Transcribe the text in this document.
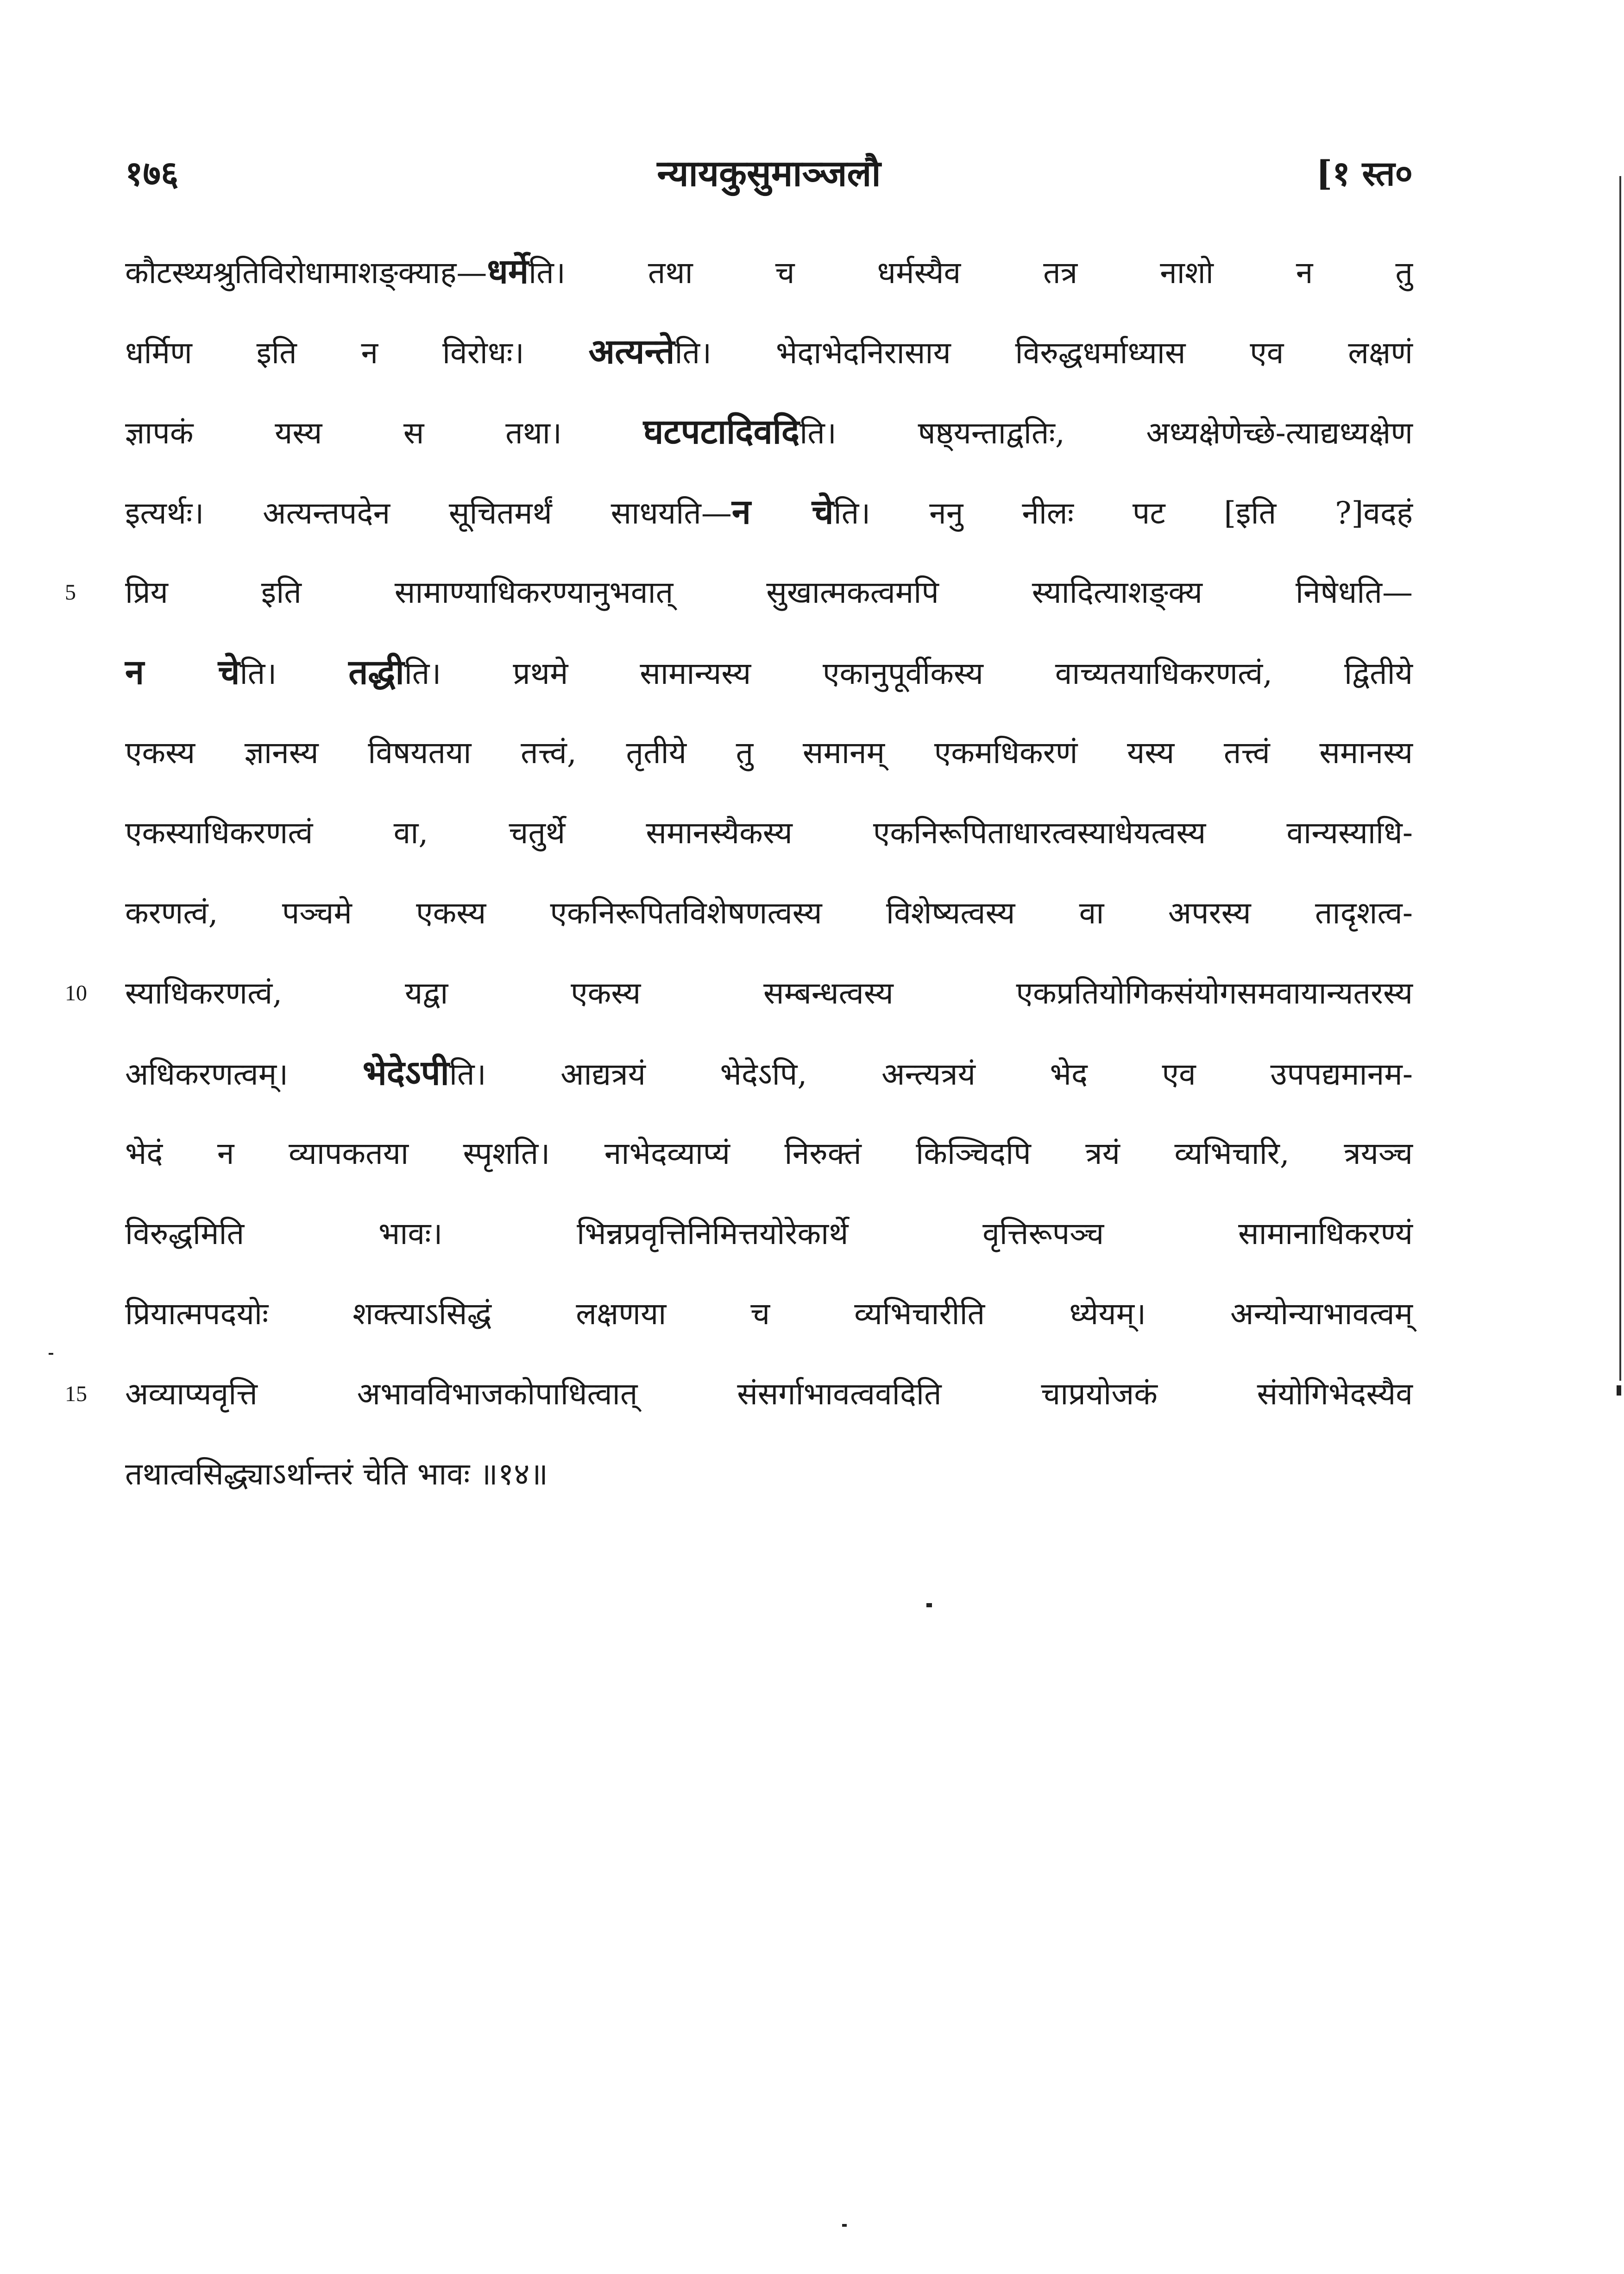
१७६	न्यायकुसुमाञ्जलौ	[१ स्त०
कौटस्थ्यश्रुतिविरोधामाशङ्क्याह—धर्मेति। तथा च धर्मस्यैव तत्र नाशो न तु
धर्मिण इति न विरोधः। अत्यन्तेति। भेदाभेदनिरासाय विरुद्धधर्माध्यास एव लक्षणं
ज्ञापकं यस्य स तथा। घटपटादिवदिति। षष्ठ्यन्ताद्वतिः, अध्यक्षेणेच्छे-त्याद्यध्यक्षेण
इत्यर्थः। अत्यन्तपदेन सूचितमर्थं साधयति—न चेति। ननु नीलः पट [इति ?]वदहं
5	प्रिय इति सामाण्याधिकरण्यानुभवात् सुखात्मकत्वमपि स्यादित्याशङ्क्य निषेधति—
न चेति। तद्धीति। प्रथमे सामान्यस्य एकानुपूर्वीकस्य वाच्यतयाधिकरणत्वं, द्वितीये
एकस्य ज्ञानस्य विषयतया तत्त्वं, तृतीये तु समानम् एकमधिकरणं यस्य तत्त्वं समानस्य
एकस्याधिकरणत्वं वा, चतुर्थे समानस्यैकस्य एकनिरूपिताधारत्वस्याधेयत्वस्य वान्यस्याधि-
करणत्वं, पञ्चमे एकस्य एकनिरूपितविशेषणत्वस्य विशेष्यत्वस्य वा अपरस्य तादृशत्व-
10	स्याधिकरणत्वं, यद्वा एकस्य सम्बन्धत्वस्य एकप्रतियोगिकसंयोगसमवायान्यतरस्य
अधिकरणत्वम्। भेदेऽपीति। आद्यत्रयं भेदेऽपि, अन्त्यत्रयं भेद एव उपपद्यमानम-
भेदं न व्यापकतया स्पृशति। नाभेदव्याप्यं निरुक्तं किञ्चिदपि त्रयं व्यभिचारि, त्रयञ्च
विरुद्धमिति भावः। भिन्नप्रवृत्तिनिमित्तयोरेकार्थे वृत्तिरूपञ्च सामानाधिकरण्यं
प्रियात्मपदयोः शक्त्याऽसिद्धं लक्षणया च व्यभिचारीति ध्येयम्। अन्योन्याभावत्वम्
15	अव्याप्यवृत्ति अभावविभाजकोपाधित्वात् संसर्गाभावत्ववदिति चाप्रयोजकं संयोगिभेदस्यैव
तथात्वसिद्ध्याऽर्थान्तरं चेति भावः ॥१४॥
